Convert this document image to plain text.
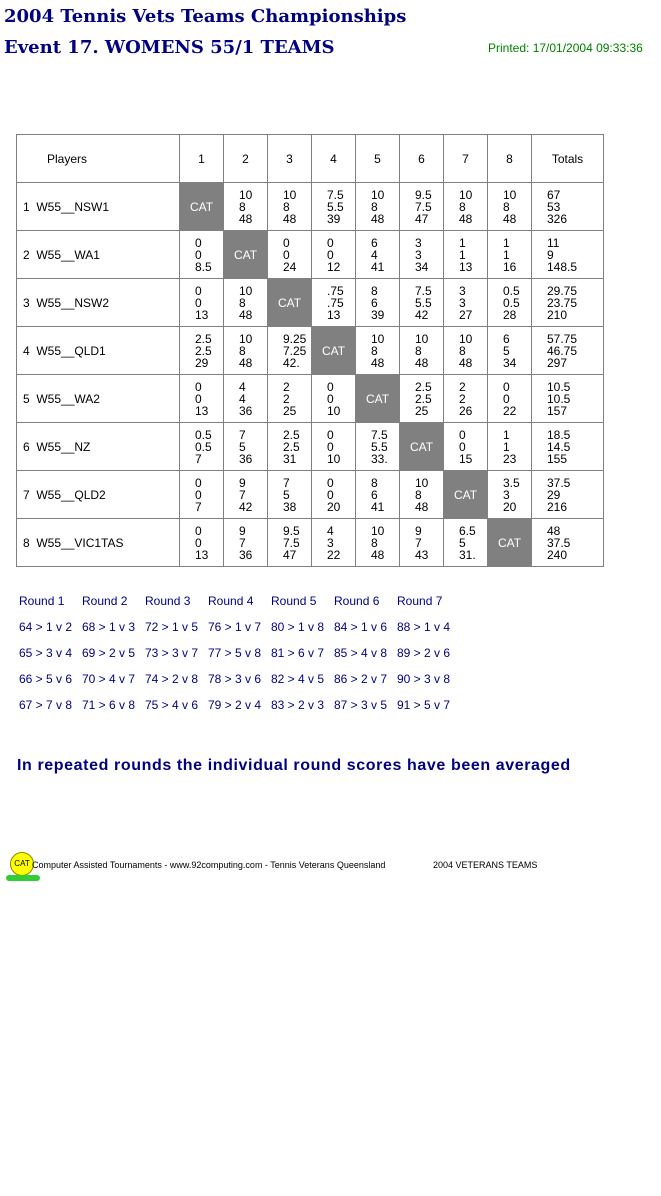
2004 Tennis Vets Teams Championships
Event 17. WOMENS 55/1 TEAMS	Printed: 17/01/2004 09:33:36
Players	1	2	3	4	5	6	7	8	Totals
1 W55__NSW1	CAT	10
8
48	10
8
48	7.5
5.5
39	10
8
48	9.5
7.5
47	10
8
48	10
8
48	67
53
326

2 W55__WA1	0
0
8.5	CAT	0
0
24	0
0
12	6
4
41	3
3
34	1
1
13	1
1
16	11
9
148.5

3 W55__NSW2	0
0
13	10
8
48	CAT	.75
.75
13	8
6
39	7.5
5.5
42	3
3
27	0.5
0.5
28	29.75
23.75
210

4 W55__QLD1	2.5
2.5
29	10
8
48	9.25
7.25
42.	CAT	10
8
48	10
8
48	10
8
48	6
5
34	57.75
46.75
297

5 W55__WA2	0
0
13	4
4
36	2
2
25	0
0
10	CAT	2.5
2.5
25	2
2
26	0
0
22	10.5
10.5
157

6 W55__NZ	0.5
0.5
7	7
5
36	2.5
2.5
31	0
0
10	7.5
5.5
33.	CAT	0
0
15	1
1
23	18.5
14.5
155

7 W55__QLD2	0
0
7	9
7
42	7
5
38	0
0
20	8
6
41	10
8
48	CAT	3.5
3
20	37.5
29
216

8 W55__VIC1TAS	0
0
13	9
7
36	9.5
7.5
47	4
3
22	10
8
48	9
7
43	6.5
5
31.	CAT	48
37.5
240
Round 1	Round 2	Round 3	Round 4	Round 5	Round 6	Round 7
64 > 1 v 2 68 > 1 v 3 72 > 1 v 5 76 > 1 v 7 80 > 1 v 8 84 > 1 v 6 88 > 1 v 4
65 > 3 v 4 69 > 2 v 5 73 > 3 v 7 77 > 5 v 8 81 > 6 v 7 85 > 4 v 8 89 > 2 v 6
66 > 5 v 6 70 > 4 v 7 74 > 2 v 8 78 > 3 v 6 82 > 4 v 5 86 > 2 v 7 90 > 3 v 8
67 > 7 v 8 71 > 6 v 8 75 > 4 v 6 79 > 2 v 4 83 > 2 v 3 87 > 3 v 5 91 > 5 v 7
In repeated rounds the individual round scores have been averaged
CAT Computer Assisted Tournaments - www.92computing.com - Tennis Veterans Queensland	2004 VETERANS TEAMS
